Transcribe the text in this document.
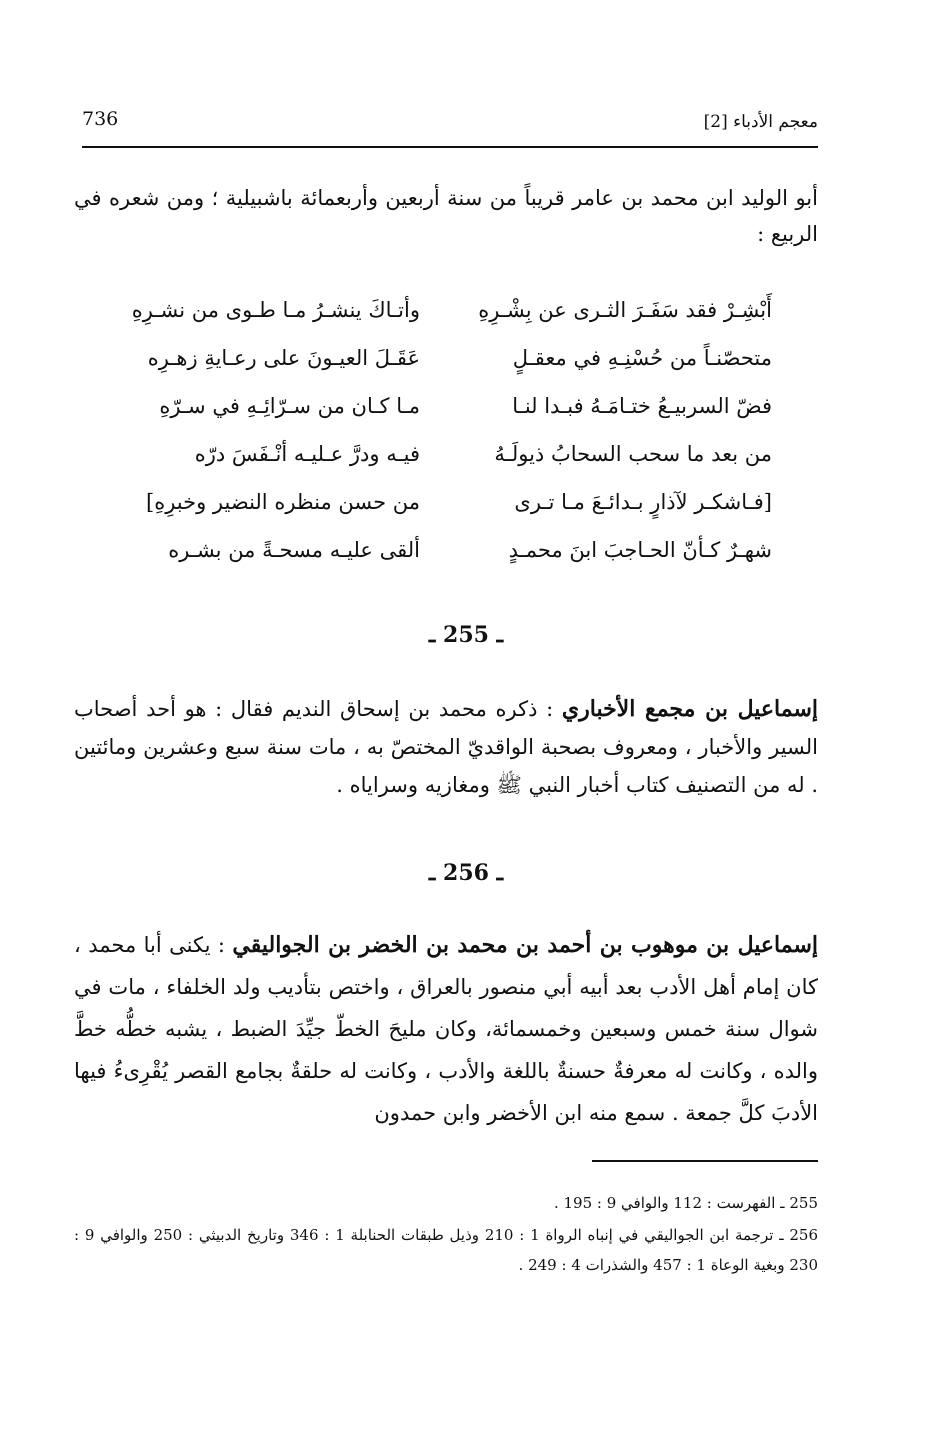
736	معجم الأدباء [2]
أبو الوليد ابن محمد بن عامر قريباً من سنة أربعين وأربعمائة باشبيلية ؛ ومن شعره في الربيع :
أَبْشِـرْ فقد سَفَـرَ الثـرى عن بِشْـرِهِ
وأتـاكَ ينشـرُ مـا طـوى من نشـرِهِ
متحصّنـاً من حُسْنِـهِ في معقـلٍ
عَقَـلَ العيـونَ على رعـايةِ زهـرِه
فضّ السربيـعُ ختـامَـهُ فبـدا لنـا
مـا كـان من سـرّائِـهِ في سـرّهِ
من بعد ما سحب السحابُ ذيولَـهُ
فيـه ودرَّ عـليـه أنْـفَسَ درّه
[فـاشكـر لآذارٍ بـدائـعَ مـا تـرى
من حسن منظره النضير وخبرِهِ]
شهـرٌ كـأنّ الحـاجبَ ابنَ محمـدٍ
ألقى عليـه مسحـةً من بشـره
ـ 255 ـ
إسماعيل بن مجمع الأخباري : ذكره محمد بن إسحاق النديم فقال : هو أحد أصحاب السير والأخبار ، ومعروف بصحبة الواقديّ المختصّ به ، مات سنة سبع وعشرين ومائتين . له من التصنيف كتاب أخبار النبي ﷺ ومغازيه وسراياه .
ـ 256 ـ
إسماعيل بن موهوب بن أحمد بن محمد بن الخضر بن الجواليقي : يكنى أبا محمد ، كان إمام أهل الأدب بعد أبيه أبي منصور بالعراق ، واختص بتأديب ولد الخلفاء ، مات في شوال سنة خمس وسبعين وخمسمائة، وكان مليحَ الخطّ جيِّدَ الضبط ، يشبه خطُّه خطَّ والده ، وكانت له معرفةٌ حسنةٌ باللغة والأدب ، وكانت له حلقةٌ بجامع القصر يُقْرِىءُ فيها الأدبَ كلَّ جمعة . سمع منه ابن الأخضر وابن حمدون

255 ـ الفهرست : 112 والوافي 9 : 195 .

256 ـ ترجمة ابن الجواليقي في إنباه الرواة 1 : 210 وذيل طبقات الحنابلة 1 : 346 وتاريخ الدبيثي : 250 والوافي 9 : 230 وبغية الوعاة 1 : 457 والشذرات 4 : 249 .
